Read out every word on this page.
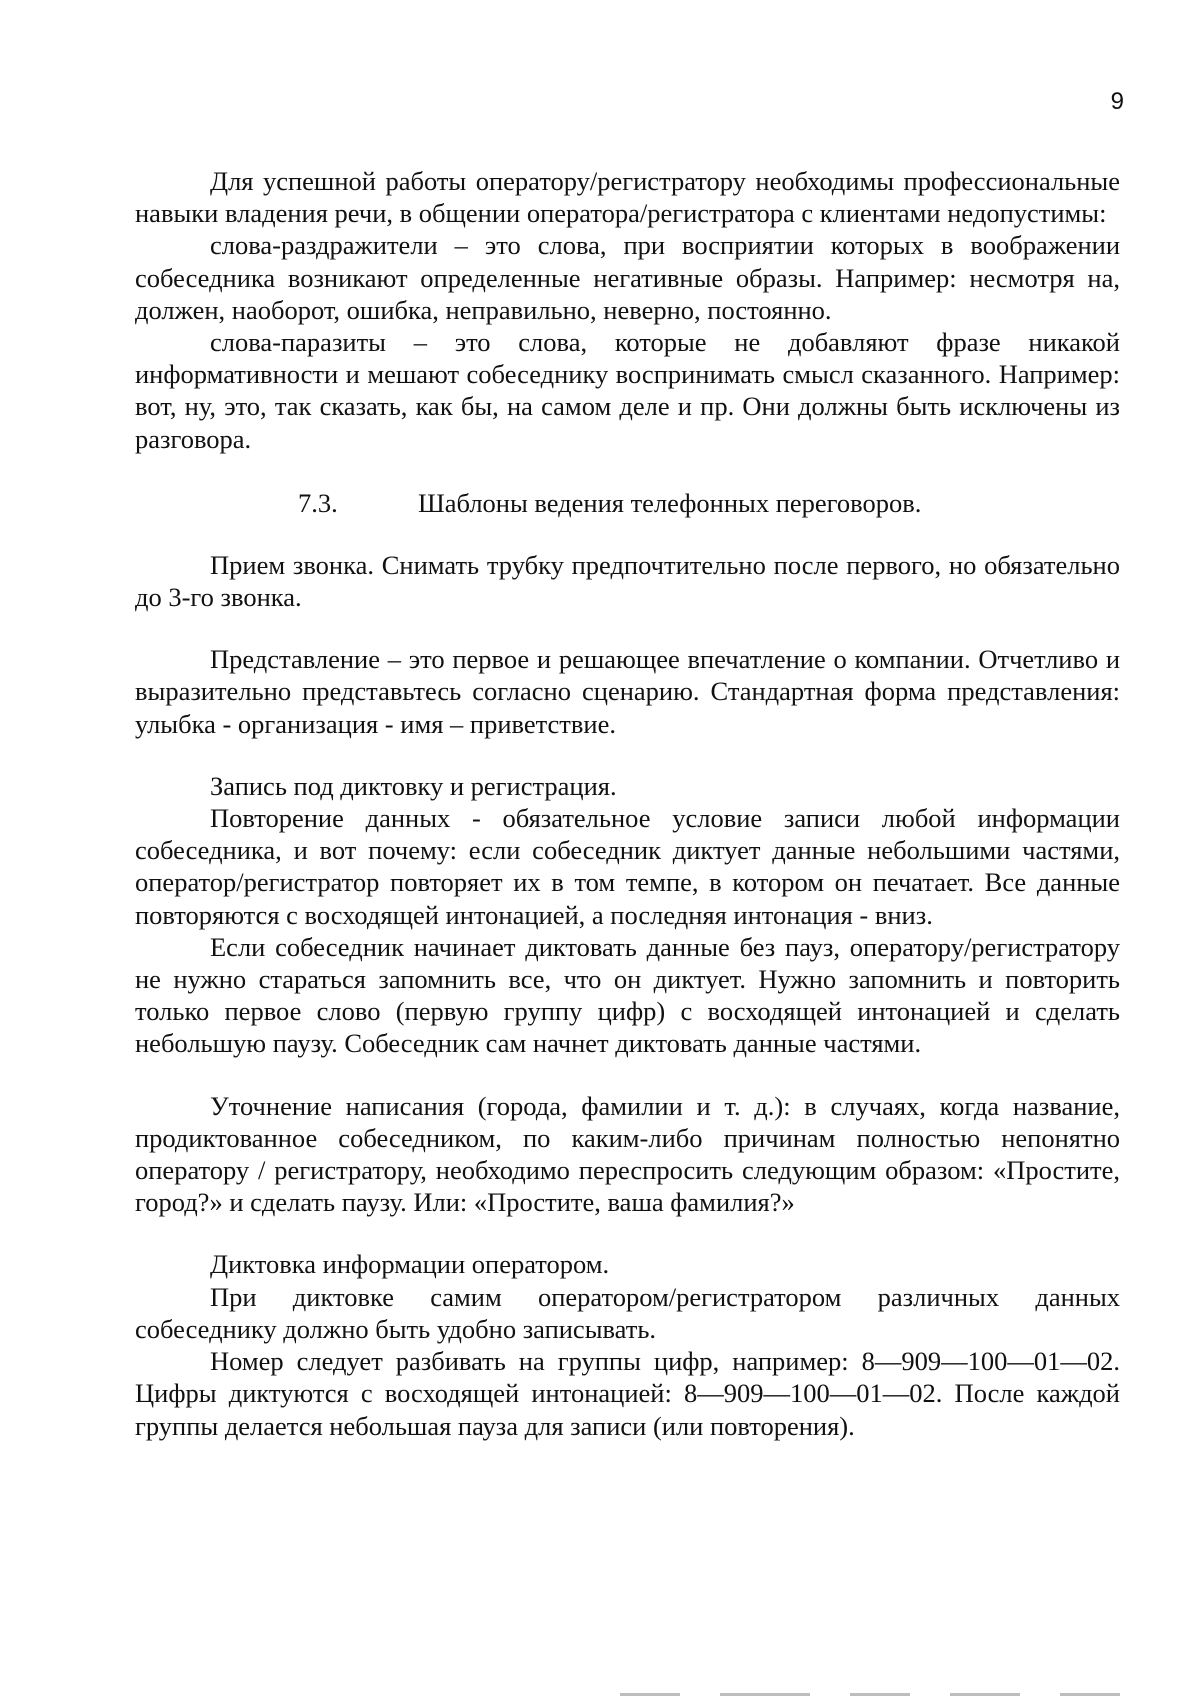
9

Для успешной работы оператору/регистратору необходимы профессиональные навыки владения речи, в общении оператора/регистратора с клиентами недопустимы:

слова-раздражители – это слова, при восприятии которых в воображении собеседника возникают определенные негативные образы. Например: несмотря на, должен, наоборот, ошибка, неправильно, неверно, постоянно.

слова-паразиты – это слова, которые не добавляют фразе никакой информативности и мешают собеседнику воспринимать смысл сказанного. Например: вот, ну, это, так сказать, как бы, на самом деле и пр. Они должны быть исключены из разговора.

7.3.	Шаблоны ведения телефонных переговоров.

Прием звонка. Снимать трубку предпочтительно после первого, но обязательно до 3-го звонка.

Представление – это первое и решающее впечатление о компании. Отчетливо и выразительно представьтесь согласно сценарию. Стандартная форма представления: улыбка - организация - имя – приветствие.

Запись под диктовку и регистрация.

Повторение данных - обязательное условие записи любой информации собеседника, и вот почему: если собеседник диктует данные небольшими частями, оператор/регистратор повторяет их в том темпе, в котором он печатает. Все данные повторяются с восходящей интонацией, а последняя интонация - вниз.

Если собеседник начинает диктовать данные без пауз, оператору/регистратору не нужно стараться запомнить все, что он диктует. Нужно запомнить и повторить только первое слово (первую группу цифр) с восходящей интонацией и сделать небольшую паузу. Собеседник сам начнет диктовать данные частями.

Уточнение написания (города, фамилии и т. д.): в случаях, когда название, продиктованное собеседником, по каким-либо причинам полностью непонятно оператору / регистратору, необходимо переспросить следующим образом: «Простите, город?» и сделать паузу. Или: «Простите, ваша фамилия?»

Диктовка информации оператором.

При диктовке самим оператором/регистратором различных данных собеседнику должно быть удобно записывать.

Номер следует разбивать на группы цифр, например: 8—909—100—01—02. Цифры диктуются с восходящей интонацией: 8—909—100—01—02. После каждой группы делается небольшая пауза для записи (или повторения).
